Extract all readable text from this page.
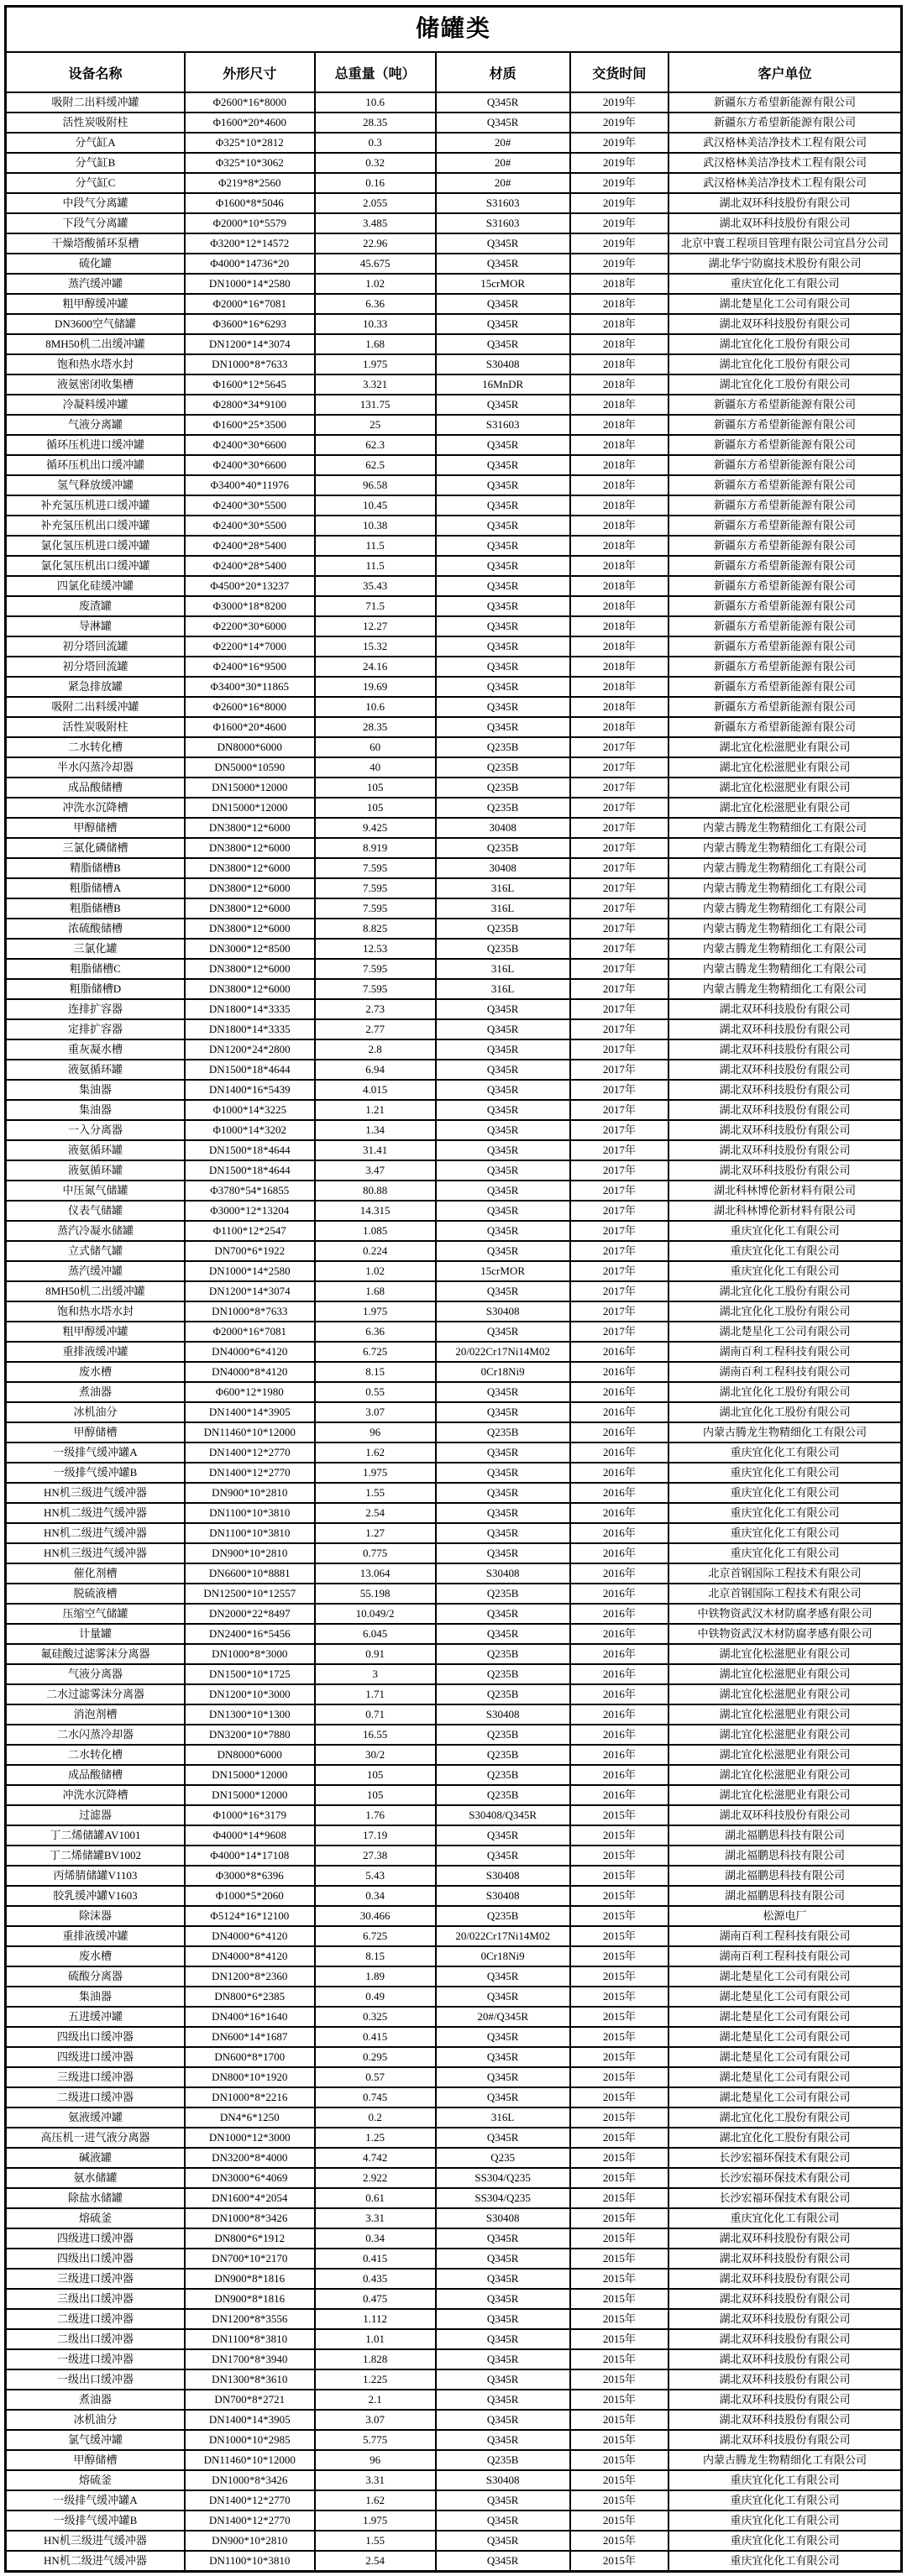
储罐类					
设备名称	外形尺寸	总重量（吨）	材质	交货时间	客户单位
吸附二出料缓冲罐	Φ2600*16*8000	10.6	Q345R	2019年	新疆东方希望新能源有限公司
活性炭吸附柱	Φ1600*20*4600	28.35	Q345R	2019年	新疆东方希望新能源有限公司
分气缸A	Φ325*10*2812	0.3	20#	2019年	武汉格林美洁净技术工程有限公司
分气缸B	Φ325*10*3062	0.32	20#	2019年	武汉格林美洁净技术工程有限公司
分气缸C	Φ219*8*2560	0.16	20#	2019年	武汉格林美洁净技术工程有限公司
中段气分离罐	Φ1600*8*5046	2.055	S31603	2019年	湖北双环科技股份有限公司
下段气分离罐	Φ2000*10*5579	3.485	S31603	2019年	湖北双环科技股份有限公司
干燥塔酸循环泵槽	Φ3200*12*14572	22.96	Q345R	2019年	北京中寰工程项目管理有限公司宜昌分公司
硫化罐	Φ4000*14736*20	45.675	Q345R	2019年	湖北华宁防腐技术股份有限公司
蒸汽缓冲罐	DN1000*14*2580	1.02	15crMOR	2018年	重庆宜化化工有限公司
粗甲醇缓冲罐	Φ2000*16*7081	6.36	Q345R	2018年	湖北楚星化工公司有限公司
DN3600空气储罐	Φ3600*16*6293	10.33	Q345R	2018年	湖北双环科技股份有限公司
8MH50机二出缓冲罐	DN1200*14*3074	1.68	Q345R	2018年	湖北宜化化工股份有限公司
饱和热水塔水封	DN1000*8*7633	1.975	S30408	2018年	湖北宜化化工股份有限公司
液氨密闭收集槽	Φ1600*12*5645	3.321	16MnDR	2018年	湖北宜化化工股份有限公司
冷凝料缓冲罐	Φ2800*34*9100	131.75	Q345R	2018年	新疆东方希望新能源有限公司
气液分离罐	Φ1600*25*3500	25	S31603	2018年	新疆东方希望新能源有限公司
循环压机进口缓冲罐	Φ2400*30*6600	62.3	Q345R	2018年	新疆东方希望新能源有限公司
循环压机出口缓冲罐	Φ2400*30*6600	62.5	Q345R	2018年	新疆东方希望新能源有限公司
氢气释放缓冲罐	Φ3400*40*11976	96.58	Q345R	2018年	新疆东方希望新能源有限公司
补充氢压机进口缓冲罐	Φ2400*30*5500	10.45	Q345R	2018年	新疆东方希望新能源有限公司
补充氢压机出口缓冲罐	Φ2400*30*5500	10.38	Q345R	2018年	新疆东方希望新能源有限公司
氯化氢压机进口缓冲罐	Φ2400*28*5400	11.5	Q345R	2018年	新疆东方希望新能源有限公司
氯化氢压机出口缓冲罐	Φ2400*28*5400	11.5	Q345R	2018年	新疆东方希望新能源有限公司
四氯化硅缓冲罐	Φ4500*20*13237	35.43	Q345R	2018年	新疆东方希望新能源有限公司
废渣罐	Φ3000*18*8200	71.5	Q345R	2018年	新疆东方希望新能源有限公司
导淋罐	Φ2200*30*6000	12.27	Q345R	2018年	新疆东方希望新能源有限公司
初分塔回流罐	Φ2200*14*7000	15.32	Q345R	2018年	新疆东方希望新能源有限公司
初分塔回流罐	Φ2400*16*9500	24.16	Q345R	2018年	新疆东方希望新能源有限公司
紧急排放罐	Φ3400*30*11865	19.69	Q345R	2018年	新疆东方希望新能源有限公司
吸附二出料缓冲罐	Φ2600*16*8000	10.6	Q345R	2018年	新疆东方希望新能源有限公司
活性炭吸附柱	Φ1600*20*4600	28.35	Q345R	2018年	新疆东方希望新能源有限公司
二水转化槽	DN8000*6000	60	Q235B	2017年	湖北宜化松滋肥业有限公司
半水闪蒸冷却器	DN5000*10590	40	Q235B	2017年	湖北宜化松滋肥业有限公司
成品酸储槽	DN15000*12000	105	Q235B	2017年	湖北宜化松滋肥业有限公司
冲洗水沉降槽	DN15000*12000	105	Q235B	2017年	湖北宜化松滋肥业有限公司
甲醇储槽	DN3800*12*6000	9.425	30408	2017年	内蒙古腾龙生物精细化工有限公司
三氯化磷储槽	DN3800*12*6000	8.919	Q235B	2017年	内蒙古腾龙生物精细化工有限公司
精脂储槽B	DN3800*12*6000	7.595	30408	2017年	内蒙古腾龙生物精细化工有限公司
粗脂储槽A	DN3800*12*6000	7.595	316L	2017年	内蒙古腾龙生物精细化工有限公司
粗脂储槽B	DN3800*12*6000	7.595	316L	2017年	内蒙古腾龙生物精细化工有限公司
浓硫酸储槽	DN3800*12*6000	8.825	Q235B	2017年	内蒙古腾龙生物精细化工有限公司
三氯化罐	DN3000*12*8500	12.53	Q235B	2017年	内蒙古腾龙生物精细化工有限公司
粗脂储槽C	DN3800*12*6000	7.595	316L	2017年	内蒙古腾龙生物精细化工有限公司
粗脂储槽D	DN3800*12*6000	7.595	316L	2017年	内蒙古腾龙生物精细化工有限公司
连排扩容器	DN1800*14*3335	2.73	Q345R	2017年	湖北双环科技股份有限公司
定排扩容器	DN1800*14*3335	2.77	Q345R	2017年	湖北双环科技股份有限公司
重灰凝水槽	DN1200*24*2800	2.8	Q345R	2017年	湖北双环科技股份有限公司
液氨循环罐	DN1500*18*4644	6.94	Q345R	2017年	湖北双环科技股份有限公司
集油器	DN1400*16*5439	4.015	Q345R	2017年	湖北双环科技股份有限公司
集油器	Φ1000*14*3225	1.21	Q345R	2017年	湖北双环科技股份有限公司
一入分离器	Φ1000*14*3202	1.34	Q345R	2017年	湖北双环科技股份有限公司
液氨循环罐	DN1500*18*4644	31.41	Q345R	2017年	湖北双环科技股份有限公司
液氨循环罐	DN1500*18*4644	3.47	Q345R	2017年	湖北双环科技股份有限公司
中压氮气储罐	Φ3780*54*16855	80.88	Q345R	2017年	湖北科林博伦新材料有限公司
仪表气储罐	Φ3000*12*13204	14.315	Q345R	2017年	湖北科林博伦新材料有限公司
蒸汽冷凝水储罐	Φ1100*12*2547	1.085	Q345R	2017年	重庆宜化化工有限公司
立式储气罐	DN700*6*1922	0.224	Q345R	2017年	重庆宜化化工有限公司
蒸汽缓冲罐	DN1000*14*2580	1.02	15crMOR	2017年	重庆宜化化工有限公司
8MH50机二出缓冲罐	DN1200*14*3074	1.68	Q345R	2017年	湖北宜化化工股份有限公司
饱和热水塔水封	DN1000*8*7633	1.975	S30408	2017年	湖北宜化化工股份有限公司
粗甲醇缓冲罐	Φ2000*16*7081	6.36	Q345R	2017年	湖北楚星化工公司有限公司
重排液缓冲罐	DN4000*6*4120	6.725	20/022Cr17Ni14M02	2016年	湖南百利工程科技有限公司
废水槽	DN4000*8*4120	8.15	0Cr18Ni9	2016年	湖南百利工程科技有限公司
煮油器	Φ600*12*1980	0.55	Q345R	2016年	湖北宜化化工股份有限公司
冰机油分	DN1400*14*3905	3.07	Q345R	2016年	湖北宜化化工股份有限公司
甲醇储槽	DN11460*10*12000	96	Q235B	2016年	内蒙古腾龙生物精细化工有限公司
一级排气缓冲罐A	DN1400*12*2770	1.62	Q345R	2016年	重庆宜化化工有限公司
一级排气缓冲罐B	DN1400*12*2770	1.975	Q345R	2016年	重庆宜化化工有限公司
HN机三级进气缓冲器	DN900*10*2810	1.55	Q345R	2016年	重庆宜化化工有限公司
HN机二级进气缓冲器	DN1100*10*3810	2.54	Q345R	2016年	重庆宜化化工有限公司
HN机二级进气缓冲器	DN1100*10*3810	1.27	Q345R	2016年	重庆宜化化工有限公司
HN机三级进气缓冲器	DN900*10*2810	0.775	Q345R	2016年	重庆宜化化工有限公司
催化剂槽	DN6600*10*8881	13.064	S30408	2016年	北京首钢国际工程技术有限公司
脱硫液槽	DN12500*10*12557	55.198	Q235B	2016年	北京首钢国际工程技术有限公司
压缩空气储罐	DN2000*22*8497	10.049/2	Q345R	2016年	中铁物资武汉木材防腐孝感有限公司
计量罐	DN2400*16*5456	6.045	Q345R	2016年	中铁物资武汉木材防腐孝感有限公司
氟硅酸过滤雾沫分离器	DN1000*8*3000	0.91	Q235B	2016年	湖北宜化松滋肥业有限公司
气液分离器	DN1500*10*1725	3	Q235B	2016年	湖北宜化松滋肥业有限公司
二水过滤雾沫分离器	DN1200*10*3000	1.71	Q235B	2016年	湖北宜化松滋肥业有限公司
消泡剂槽	DN1300*10*1300	0.71	S30408	2016年	湖北宜化松滋肥业有限公司
二水闪蒸冷却器	DN3200*10*7880	16.55	Q235B	2016年	湖北宜化松滋肥业有限公司
二水转化槽	DN8000*6000	30/2	Q235B	2016年	湖北宜化松滋肥业有限公司
成品酸储槽	DN15000*12000	105	Q235B	2016年	湖北宜化松滋肥业有限公司
冲洗水沉降槽	DN15000*12000	105	Q235B	2016年	湖北宜化松滋肥业有限公司
过滤器	Φ1000*16*3179	1.76	S30408/Q345R	2015年	湖北双环科技股份有限公司
丁二烯储罐AV1001	Φ4000*14*9608	17.19	Q345R	2015年	湖北福鹏思科技有限公司
丁二烯储罐BV1002	Φ4000*14*17108	27.38	Q345R	2015年	湖北福鹏思科技有限公司
丙烯腈储罐V1103	Φ3000*8*6396	5.43	S30408	2015年	湖北福鹏思科技有限公司
胶乳缓冲罐V1603	Φ1000*5*2060	0.34	S30408	2015年	湖北福鹏思科技有限公司
除沫器	Φ5124*16*12100	30.466	Q235B	2015年	松源电厂
重排液缓冲罐	DN4000*6*4120	6.725	20/022Cr17Ni14M02	2015年	湖南百利工程科技有限公司
废水槽	DN4000*8*4120	8.15	0Cr18Ni9	2015年	湖南百利工程科技有限公司
硫酸分离器	DN1200*8*2360	1.89	Q345R	2015年	湖北楚星化工公司有限公司
集油器	DN800*6*2385	0.49	Q345R	2015年	湖北楚星化工公司有限公司
五进缓冲罐	DN400*16*1640	0.325	20#/Q345R	2015年	湖北楚星化工公司有限公司
四级出口缓冲器	DN600*14*1687	0.415	Q345R	2015年	湖北楚星化工公司有限公司
四级进口缓冲器	DN600*8*1700	0.295	Q345R	2015年	湖北楚星化工公司有限公司
三级进口缓冲器	DN800*10*1920	0.57	Q345R	2015年	湖北楚星化工公司有限公司
二级进口缓冲器	DN1000*8*2216	0.745	Q345R	2015年	湖北楚星化工公司有限公司
氨液缓冲罐	DN4*6*1250	0.2	316L	2015年	湖北宜化化工股份有限公司
高压机一进气液分离器	DN1000*12*3000	1.25	Q345R	2015年	湖北宜化化工股份有限公司
碱液罐	DN3200*8*4000	4.742	Q235	2015年	长沙宏福环保技术有限公司
氨水储罐	DN3000*6*4069	2.922	SS304/Q235	2015年	长沙宏福环保技术有限公司
除盐水储罐	DN1600*4*2054	0.61	SS304/Q235	2015年	长沙宏福环保技术有限公司
熔硫釜	DN1000*8*3426	3.31	S30408	2015年	重庆宜化化工有限公司
四级进口缓冲器	DN800*6*1912	0.34	Q345R	2015年	湖北双环科技股份有限公司
四级出口缓冲器	DN700*10*2170	0.415	Q345R	2015年	湖北双环科技股份有限公司
三级进口缓冲器	DN900*8*1816	0.435	Q345R	2015年	湖北双环科技股份有限公司
三级出口缓冲器	DN900*8*1816	0.475	Q345R	2015年	湖北双环科技股份有限公司
二级进口缓冲器	DN1200*8*3556	1.112	Q345R	2015年	湖北双环科技股份有限公司
二级出口缓冲器	DN1100*8*3810	1.01	Q345R	2015年	湖北双环科技股份有限公司
一级进口缓冲器	DN1700*8*3940	1.828	Q345R	2015年	湖北双环科技股份有限公司
一级出口缓冲器	DN1300*8*3610	1.225	Q345R	2015年	湖北双环科技股份有限公司
煮油器	DN700*8*2721	2.1	Q345R	2015年	湖北双环科技股份有限公司
冰机油分	DN1400*14*3905	3.07	Q345R	2015年	湖北双环科技股份有限公司
氯气缓冲罐	DN1000*10*2985	5.775	Q345R	2015年	湖北双环科技股份有限公司
甲醇储槽	DN11460*10*12000	96	Q235B	2015年	内蒙古腾龙生物精细化工有限公司
熔硫釜	DN1000*8*3426	3.31	S30408	2015年	重庆宜化化工有限公司
一级排气缓冲罐A	DN1400*12*2770	1.62	Q345R	2015年	重庆宜化化工有限公司
一级排气缓冲罐B	DN1400*12*2770	1.975	Q345R	2015年	重庆宜化化工有限公司
HN机三级进气缓冲器	DN900*10*2810	1.55	Q345R	2015年	重庆宜化化工有限公司
HN机二级进气缓冲器	DN1100*10*3810	2.54	Q345R	2015年	重庆宜化化工有限公司
